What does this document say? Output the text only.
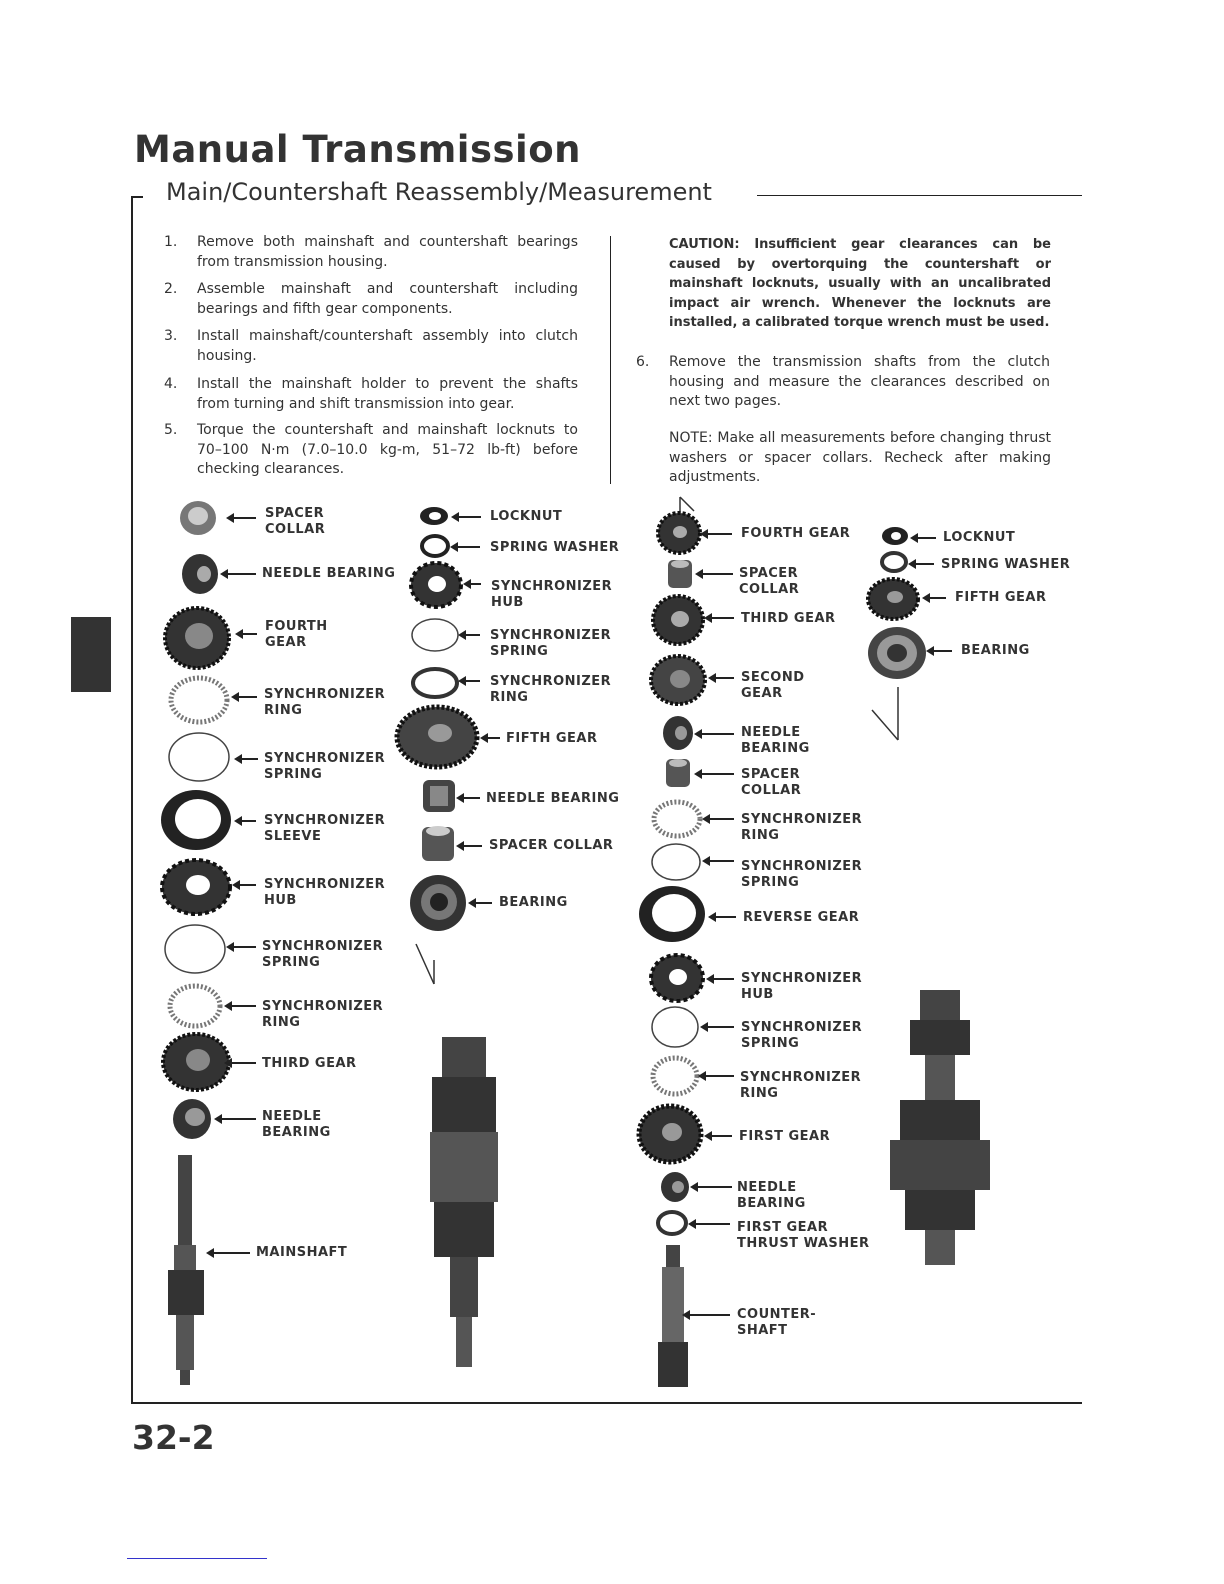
Manual Transmission
Main/Countershaft Reassembly/Measurement
1. Remove both mainshaft and countershaft bearings from transmission housing.
2. Assemble mainshaft and countershaft including bearings and fifth gear components.
3. Install mainshaft/countershaft assembly into clutch housing.
4. Install the mainshaft holder to prevent the shafts from turning and shift transmission into gear.
5. Torque the countershaft and mainshaft locknuts to 70–100 N·m (7.0–10.0 kg-m, 51–72 lb-ft) before checking clearances.
6. Remove the transmission shafts from the clutch housing and measure the clearances described on next two pages.
CAUTION: Insufficient gear clearances can be caused by overtorquing the countershaft or mainshaft locknuts, usually with an uncalibrated impact air wrench. Whenever the locknuts are installed, a calibrated torque wrench must be used.
NOTE: Make all measurements before changing thrust washers or spacer collars. Recheck after making adjustments.
SPACER
COLLAR
NEEDLE BEARING
FOURTH
GEAR
SYNCHRONIZER
RING
SYNCHRONIZER
SPRING
SYNCHRONIZER
SLEEVE
SYNCHRONIZER
HUB
SYNCHRONIZER
SPRING
SYNCHRONIZER
RING
THIRD GEAR
NEEDLE
BEARING
MAINSHAFT
LOCKNUT
SPRING WASHER
SYNCHRONIZER
HUB
SYNCHRONIZER
SPRING
SYNCHRONIZER
RING
FIFTH GEAR
NEEDLE BEARING
SPACER COLLAR
BEARING
FOURTH GEAR
SPACER
COLLAR
THIRD GEAR
SECOND
GEAR
NEEDLE
BEARING
SPACER
COLLAR
SYNCHRONIZER
RING
SYNCHRONIZER
SPRING
REVERSE GEAR
SYNCHRONIZER
HUB
SYNCHRONIZER
SPRING
SYNCHRONIZER
RING
FIRST GEAR
NEEDLE
BEARING
FIRST GEAR
THRUST WASHER
COUNTER-
SHAFT
LOCKNUT
SPRING WASHER
FIFTH GEAR
BEARING
32-2
